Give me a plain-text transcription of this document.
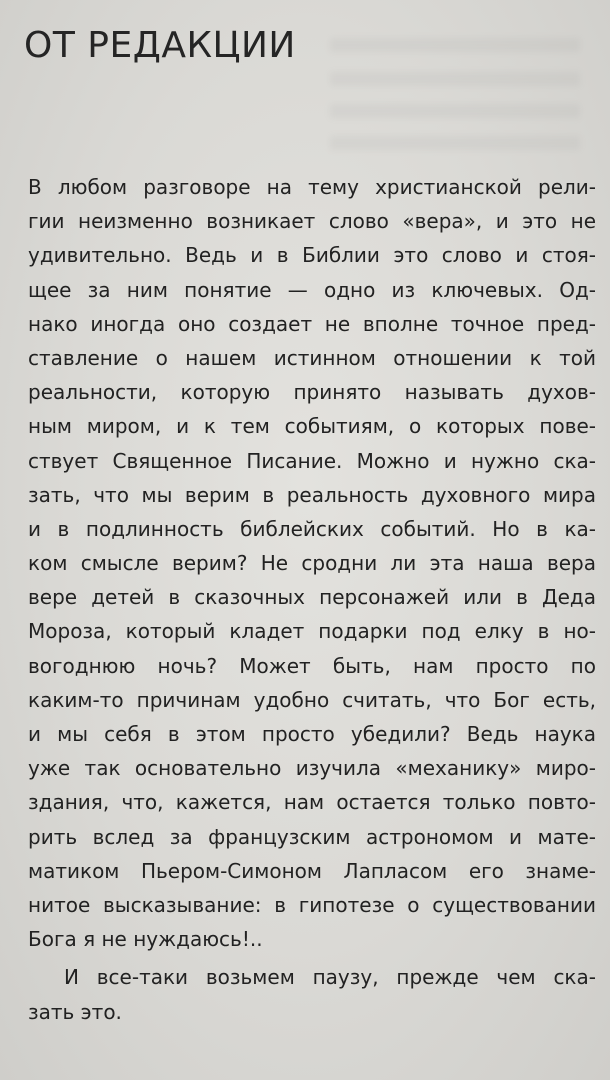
ОТ РЕДАКЦИИ
В любом разговоре на тему христианской рели-
гии неизменно возникает слово «вера», и это не
удивительно. Ведь и в Библии это слово и стоя-
щее за ним понятие — одно из ключевых. Од-
нако иногда оно создает не вполне точное пред-
ставление о нашем истинном отношении к той
реальности, которую принято называть духов-
ным миром, и к тем событиям, о которых пове-
ствует Священное Писание. Можно и нужно ска-
зать, что мы верим в реальность духовного мира
и в подлинность библейских событий. Но в ка-
ком смысле верим? Не сродни ли эта наша вера
вере детей в сказочных персонажей или в Деда
Мороза, который кладет подарки под елку в но-
вогоднюю ночь? Может быть, нам просто по
каким-то причинам удобно считать, что Бог есть,
и мы себя в этом просто убедили? Ведь наука
уже так основательно изучила «механику» миро-
здания, что, кажется, нам остается только повто-
рить вслед за французским астрономом и мате-
матиком Пьером-Симоном Лапласом его знаме-
нитое высказывание: в гипотезе о существовании
Бога я не нуждаюсь!..
И все-таки возьмем паузу, прежде чем ска-
зать это.
